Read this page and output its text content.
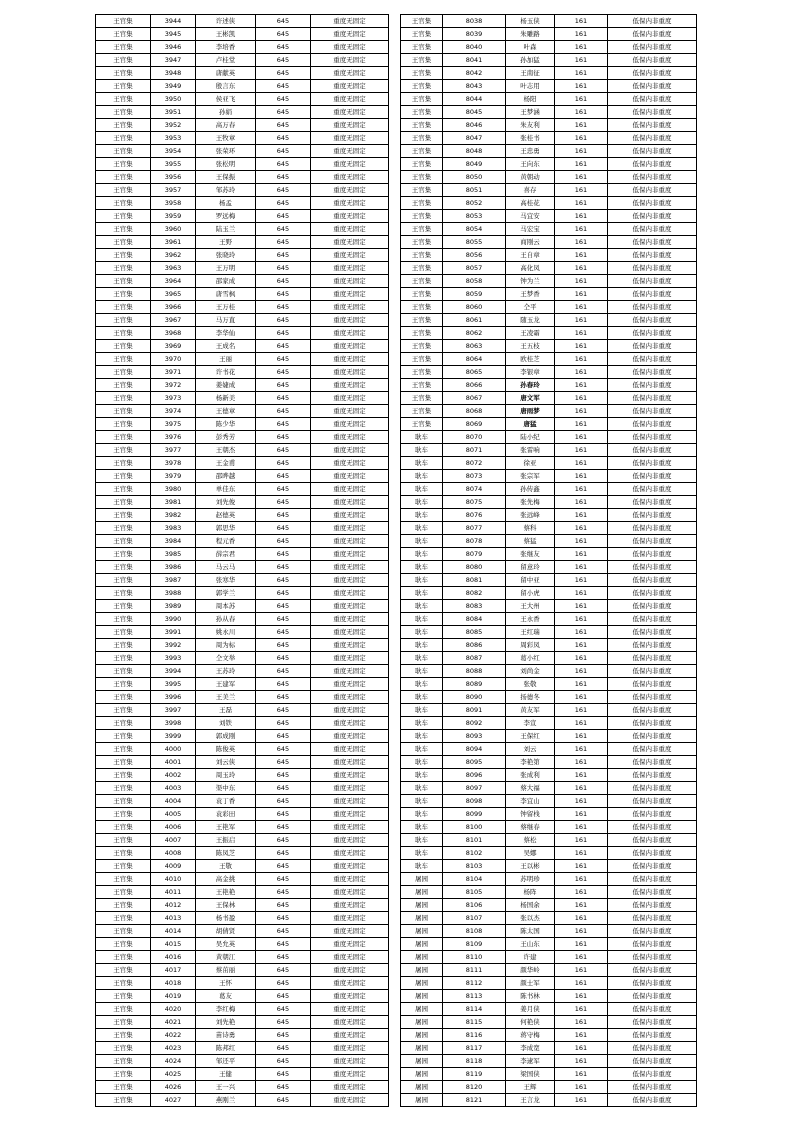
王官集	3944	许述侠	645	重度无固定
王官集	3945	王彬凯	645	重度无固定
王官集	3946	李培香	645	重度无固定
王官集	3947	卢桂堂	645	重度无固定
王官集	3948	唐献英	645	重度无固定
王官集	3949	殷言东	645	重度无固定
王官集	3950	侯亚飞	645	重度无固定
王官集	3951	孙娟	645	重度无固定
王官集	3952	高万春	645	重度无固定
王官集	3953	王牧章	645	重度无固定
王官集	3954	张荣环	645	重度无固定
王官集	3955	张松明	645	重度无固定
王官集	3956	王保振	645	重度无固定
王官集	3957	邹苏玲	645	重度无固定
王官集	3958	杨孟	645	重度无固定
王官集	3959	罗远梅	645	重度无固定
王官集	3960	陆玉兰	645	重度无固定
王官集	3961	王野	645	重度无固定
王官集	3962	张晓玲	645	重度无固定
王官集	3963	王万明	645	重度无固定
王官集	3964	邵家成	645	重度无固定
王官集	3965	唐雪枫	645	重度无固定
王官集	3966	王万桂	645	重度无固定
王官集	3967	马万直	645	重度无固定
王官集	3968	李华仙	645	重度无固定
王官集	3969	王成名	645	重度无固定
王官集	3970	王丽	645	重度无固定
王官集	3971	许书花	645	重度无固定
王官集	3972	姜婕成	645	重度无固定
王官集	3973	杨新美	645	重度无固定
王官集	3974	王德章	645	重度无固定
王官集	3975	陈少华	645	重度无固定
王官集	3976	彭秀芳	645	重度无固定
王官集	3977	王朝杰	645	重度无固定
王官集	3978	王金甫	645	重度无固定
王官集	3979	邵晔越	645	重度无固定
王官集	3980	单佳东	645	重度无固定
王官集	3981	刘先俊	645	重度无固定
王官集	3982	赵德英	645	重度无固定
王官集	3983	郭思华	645	重度无固定
王官集	3984	程元香	645	重度无固定
王官集	3985	薛宗君	645	重度无固定
王官集	3986	马云马	645	重度无固定
王官集	3987	张寒华	645	重度无固定
王官集	3988	郭学兰	645	重度无固定
王官集	3989	周本苏	645	重度无固定
王官集	3990	孙从春	645	重度无固定
王官集	3991	姚永川	645	重度无固定
王官集	3992	周为标	645	重度无固定
王官集	3993	仝文举	645	重度无固定
王官集	3994	王苏玲	645	重度无固定
王官集	3995	王建军	645	重度无固定
王官集	3996	王美兰	645	重度无固定
王官集	3997	王磊	645	重度无固定
王官集	3998	刘铁	645	重度无固定
王官集	3999	郭成刚	645	重度无固定
王官集	4000	陈俊英	645	重度无固定
王官集	4001	刘云侠	645	重度无固定
王官集	4002	周玉玲	645	重度无固定
王官集	4003	渠中东	645	重度无固定
王官集	4004	袁丁香	645	重度无固定
王官集	4005	袁彩田	645	重度无固定
王官集	4006	王艳军	645	重度无固定
王官集	4007	王振启	645	重度无固定
王官集	4008	陈凤芝	645	重度无固定
王官集	4009	王敬	645	重度无固定
王官集	4010	高金挑	645	重度无固定
王官集	4011	王艳艳	645	重度无固定
王官集	4012	王保林	645	重度无固定
王官集	4013	杨书盈	645	重度无固定
王官集	4014	胡倩贤	645	重度无固定
王官集	4015	吴允英	645	重度无固定
王官集	4016	黄朝江	645	重度无固定
王官集	4017	蔡茁丽	645	重度无固定
王官集	4018	王怀	645	重度无固定
王官集	4019	葛友	645	重度无固定
王官集	4020	李红梅	645	重度无固定
王官集	4021	刘先艳	645	重度无固定
王官集	4022	苗诗勇	645	重度无固定
王官集	4023	陈邦红	645	重度无固定
王官集	4024	邹还平	645	重度无固定
王官集	4025	王健	645	重度无固定
王官集	4026	王一兴	645	重度无固定
王官集	4027	燕刚兰	645	重度无固定
王官集	8038	杨玉侠	161	低保内非重度
王官集	8039	朱雕路	161	低保内非重度
王官集	8040	叶森	161	低保内非重度
王官集	8041	孙加猛	161	低保内非重度
王官集	8042	王南征	161	低保内非重度
王官集	8043	叶志用	161	低保内非重度
王官集	8044	杨阳	161	低保内非重度
王官集	8045	王梦涵	161	低保内非重度
王官集	8046	朱友利	161	低保内非重度
王官集	8047	张桂书	161	低保内非重度
王官集	8048	王忠勇	161	低保内非重度
王官集	8049	王向东	161	低保内非重度
王官集	8050	黄朝动	161	低保内非重度
王官集	8051	喜存	161	低保内非重度
王官集	8052	高桂花	161	低保内非重度
王官集	8053	马宜安	161	低保内非重度
王官集	8054	马宏宝	161	低保内非重度
王官集	8055	商刚云	161	低保内非重度
王官集	8056	王自章	161	低保内非重度
王官集	8057	高化凤	161	低保内非重度
王官集	8058	钟为兰	161	低保内非重度
王官集	8059	王梦香	161	低保内非重度
王官集	8060	仝平	161	低保内非重度
王官集	8061	随玉龙	161	低保内非重度
王官集	8062	王凌霜	161	低保内非重度
王官集	8063	王五枝	161	低保内非重度
王官集	8064	欧桂芝	161	低保内非重度
王官集	8065	李银章	161	低保内非重度
王官集	8066	孙春玲	161	低保内非重度
王官集	8067	唐文军	161	低保内非重度
王官集	8068	唐雨梦	161	低保内非重度
王官集	8069	唐猛	161	低保内非重度
耿车	8070	陆小纪	161	低保内非重度
耿车	8071	张雷响	161	低保内非重度
耿车	8072	徐亚	161	低保内非重度
耿车	8073	张宗军	161	低保内非重度
耿车	8074	孙传鑫	161	低保内非重度
耿车	8075	张先梅	161	低保内非重度
耿车	8076	张远峰	161	低保内非重度
耿车	8077	蔡科	161	低保内非重度
耿车	8078	蔡猛	161	低保内非重度
耿车	8079	张继友	161	低保内非重度
耿车	8080	留意玲	161	低保内非重度
耿车	8081	留中亚	161	低保内非重度
耿车	8082	留小虎	161	低保内非重度
耿车	8083	王大州	161	低保内非重度
耿车	8084	王永香	161	低保内非重度
耿车	8085	王红瑞	161	低保内非重度
耿车	8086	周彩凤	161	低保内非重度
耿车	8087	葛小红	161	低保内非重度
耿车	8088	刘尚金	161	低保内非重度
耿车	8089	张敬	161	低保内非重度
耿车	8090	扬德冬	161	低保内非重度
耿车	8091	黄友军	161	低保内非重度
耿车	8092	李宣	161	低保内非重度
耿车	8093	王保红	161	低保内非重度
耿车	8094	刘云	161	低保内非重度
耿车	8095	李艳第	161	低保内非重度
耿车	8096	张成利	161	低保内非重度
耿车	8097	蔡大福	161	低保内非重度
耿车	8098	李宜山	161	低保内非重度
耿车	8099	钟留栈	161	低保内非重度
耿车	8100	蔡继春	161	低保内非重度
耿车	8101	蔡松	161	低保内非重度
耿车	8102	吴娜	161	低保内非重度
耿车	8103	王以彬	161	低保内非重度
屠园	8104	苏明珍	161	低保内非重度
屠园	8105	杨阵	161	低保内非重度
屠园	8106	杨国余	161	低保内非重度
屠园	8107	张以杰	161	低保内非重度
屠园	8108	陈太国	161	低保内非重度
屠园	8109	王山东	161	低保内非重度
屠园	8110	许建	161	低保内非重度
屠园	8111	颜华岭	161	低保内非重度
屠园	8112	颜士军	161	低保内非重度
屠园	8113	陈书林	161	低保内非重度
屠园	8114	姜月侠	161	低保内非重度
屠园	8115	何艳侠	161	低保内非重度
屠园	8116	蒋守梅	161	低保内非重度
屠园	8117	李成宽	161	低保内非重度
屠园	8118	李逮军	161	低保内非重度
屠园	8119	梁国侠	161	低保内非重度
屠园	8120	王辉	161	低保内非重度
屠园	8121	王言龙	161	低保内非重度
